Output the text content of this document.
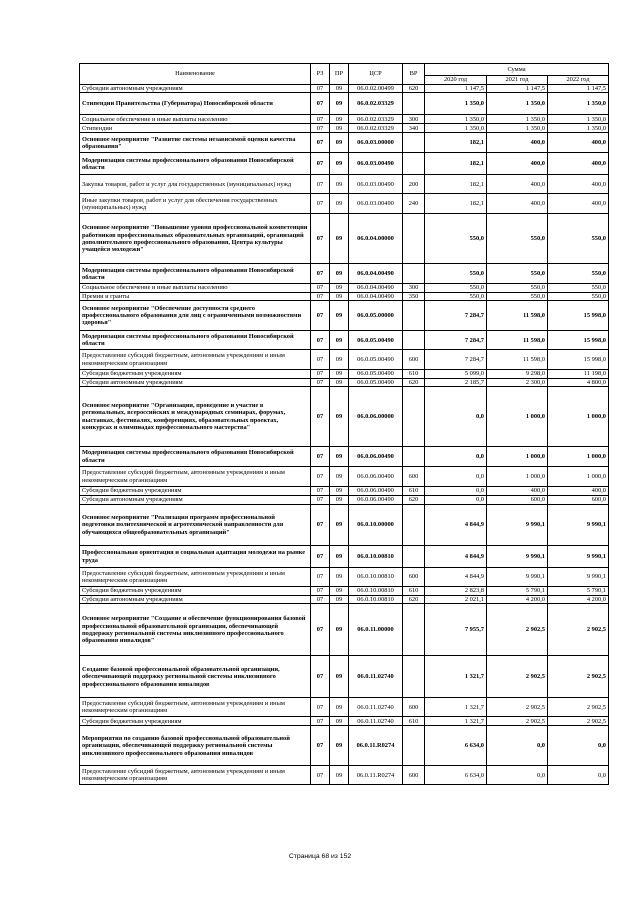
Наименование	РЗ	ПР	ЦСР	ВР	Сумма		
					2020 год	2021 год	2022 год
Субсидии автономным учреждениям	07	09	06.0.02.00499	620	1 147,5	1 147,5	1 147,5
Стипендии Правительства (Губернатора) Новосибирской области	07	09	06.0.02.03329		1 350,0	1 350,0	1 350,0
Социальное обеспечение и иные выплаты населению	07	09	06.0.02.03329	300	1 350,0	1 350,0	1 350,0
Стипендии	07	09	06.0.02.03329	340	1 350,0	1 350,0	1 350,0
Основное мероприятие "Развитие системы независимой оценки качества образования"	07	09	06.0.03.00000		182,1	400,0	400,0
Модернизация системы профессионального образования Новосибирской области	07	09	06.0.03.00490		182,1	400,0	400,0
Закупка товаров, работ и услуг для государственных (муниципальных) нужд	07	09	06.0.03.00490	200	182,1	400,0	400,0
Иные закупки товаров, работ и услуг для обеспечения государственных (муниципальных) нужд	07	09	06.0.03.00490	240	182,1	400,0	400,0
Основное мероприятие "Повышение уровня профессиональной компетенции работников профессиональных образовательных организаций, организаций дополнительного профессионального образования, Центра культуры учащейся молодежи"	07	09	06.0.04.00000		550,0	550,0	550,0
Модернизация системы профессионального образования Новосибирской области	07	09	06.0.04.00490		550,0	550,0	550,0
Социальное обеспечение и иные выплаты населению	07	09	06.0.04.00490	300	550,0	550,0	550,0
Премии и гранты	07	09	06.0.04.00490	350	550,0	550,0	550,0
Основное мероприятие "Обеспечение доступности среднего профессионального образования для лиц с ограниченными возможностями здоровья"	07	09	06.0.05.00000		7 284,7	11 598,0	15 998,0
Модернизация системы профессионального образования Новосибирской области	07	09	06.0.05.00490		7 284,7	11 598,0	15 998,0
Предоставление субсидий бюджетным, автономным учреждениям и иным некоммерческим организациям	07	09	06.0.05.00490	600	7 284,7	11 598,0	15 998,0
Субсидии бюджетным учреждениям	07	09	06.0.05.00490	610	5 099,0	9 298,0	11 198,0
Субсидии автономным учреждениям	07	09	06.0.05.00490	620	2 185,7	2 300,0	4 800,0
Основное мероприятие "Организация, проведение и участие в региональных, всероссийских и международных семинарах, форумах, выставках, фестивалях, конференциях, образовательных проектах, конкурсах и олимпиадах профессионального мастерства"	07	09	06.0.06.00000		0,0	1 000,0	1 000,0
Модернизация системы профессионального образования Новосибирской области	07	09	06.0.06.00490		0,0	1 000,0	1 000,0
Предоставление субсидий бюджетным, автономным учреждениям и иным некоммерческим организациям	07	09	06.0.06.00490	600	0,0	1 000,0	1 000,0
Субсидии бюджетным учреждениям	07	09	06.0.06.00490	610	0,0	400,0	400,0
Субсидии автономным учреждениям	07	09	06.0.06.00490	620	0,0	600,0	600,0
Основное мероприятие "Реализация программ профессиональной подготовки политехнической и агротехнической направленности для обучающихся общеобразовательных организаций"	07	09	06.0.10.00000		4 844,9	9 990,1	9 990,1
Профессиональная ориентация и социальная адаптация молодежи на рынке труда	07	09	06.0.10.00810		4 844,9	9 990,1	9 990,1
Предоставление субсидий бюджетным, автономным учреждениям и иным некоммерческим организациям	07	09	06.0.10.00810	600	4 844,9	9 990,1	9 990,1
Субсидии бюджетным учреждениям	07	09	06.0.10.00810	610	2 823,8	5 790,1	5 790,1
Субсидии автономным учреждениям	07	09	06.0.10.00810	620	2 021,1	4 200,0	4 200,0
Основное мероприятие "Создание и обеспечение функционирования базовой профессиональной образовательной организации, обеспечивающей поддержку региональной системы инклюзивного профессионального образования инвалидов"	07	09	06.0.11.00000		7 955,7	2 902,5	2 902,5
Создание базовой профессиональной образовательной организации, обеспечивающей поддержку региональной системы инклюзивного профессионального образования инвалидов	07	09	06.0.11.02740		1 321,7	2 902,5	2 902,5
Предоставление субсидий бюджетным, автономным учреждениям и иным некоммерческим организациям	07	09	06.0.11.02740	600	1 321,7	2 902,5	2 902,5
Субсидии бюджетным учреждениям	07	09	06.0.11.02740	610	1 321,7	2 902,5	2 902,5
Мероприятия по созданию базовой профессиональной образовательной организации, обеспечивающей поддержку региональной системы инклюзивного профессионального образования инвалидов	07	09	06.0.11.R0274		6 634,0	0,0	0,0
Предоставление субсидий бюджетным, автономным учреждениям и иным некоммерческим организациям	07	09	06.0.11.R0274	600	6 634,0	0,0	0,0
Страница 68 из 152
